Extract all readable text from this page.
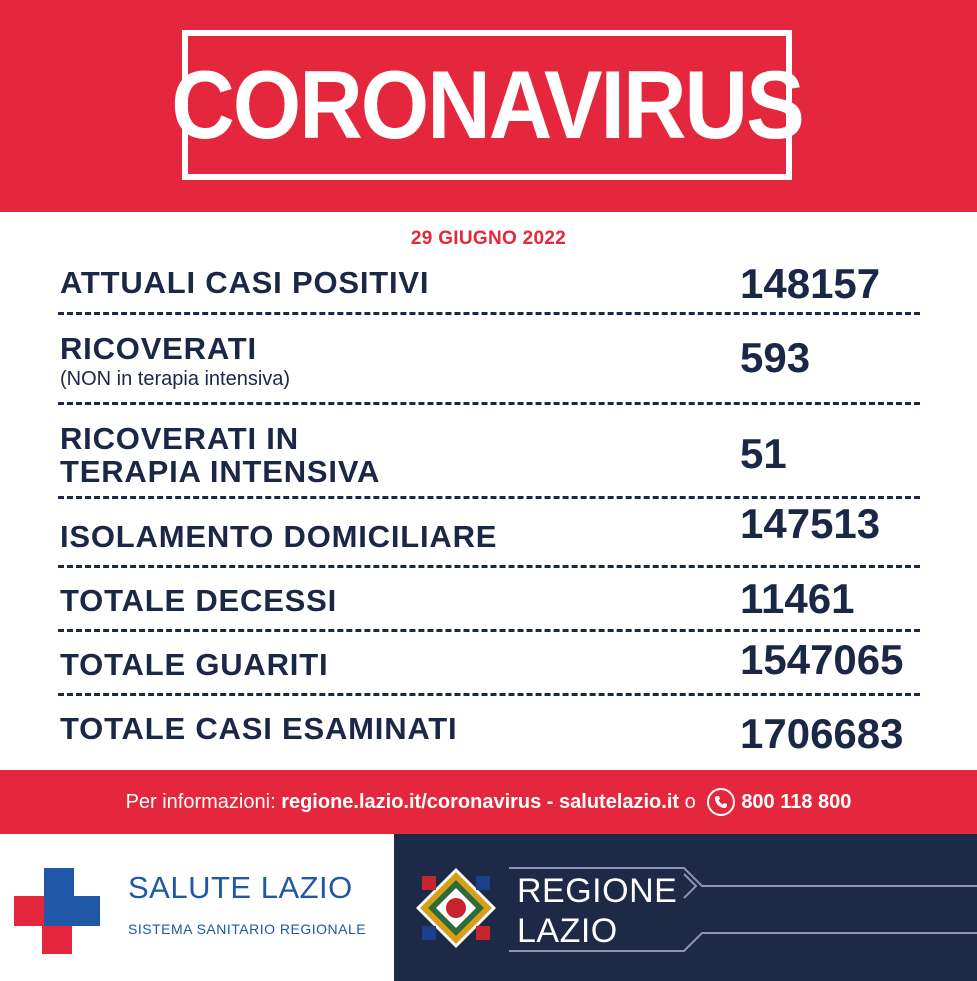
CORONAVIRUS
29 GIUGNO 2022
ATTUALI CASI POSITIVI	148157
RICOVERATI
(NON in terapia intensiva)	593
RICOVERATI IN
TERAPIA INTENSIVA	51
ISOLAMENTO DOMICILIARE	147513
TOTALE DECESSI	11461
TOTALE GUARITI	1547065
TOTALE CASI ESAMINATI	1706683
Per informazioni: regione.lazio.it/coronavirus - salutelazio.it o 800 118 800
SALUTE LAZIO
SISTEMA SANITARIO REGIONALE
REGIONE
LAZIO
